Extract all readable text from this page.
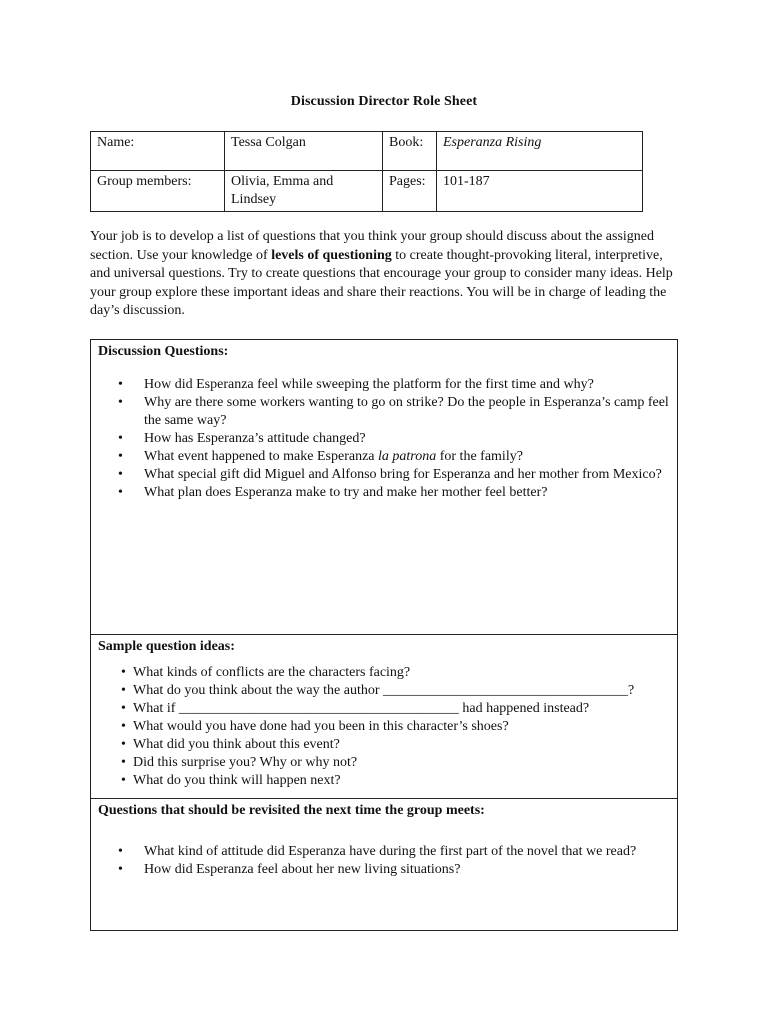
Discussion Director Role Sheet
Name:	Tessa Colgan	Book:	Esperanza Rising
Group members:	Olivia, Emma and Lindsey	Pages:	101-187
Your job is to develop a list of questions that you think your group should discuss about the assigned section. Use your knowledge of levels of questioning to create thought-provoking literal, interpretive, and universal questions. Try to create questions that encourage your group to consider many ideas. Help your group explore these important ideas and share their reactions. You will be in charge of leading the day’s discussion.
Discussion Questions:
• How did Esperanza feel while sweeping the platform for the first time and why?
• Why are there some workers wanting to go on strike? Do the people in Esperanza’s camp feel the same way?
• How has Esperanza’s attitude changed?
• What event happened to make Esperanza la patrona for the family?
• What special gift did Miguel and Alfonso bring for Esperanza and her mother from Mexico?
• What plan does Esperanza make to try and make her mother feel better?
Sample question ideas:
• What kinds of conflicts are the characters facing?
• What do you think about the way the author ___________________________________?
• What if ________________________________________ had happened instead?
• What would you have done had you been in this character’s shoes?
• What did you think about this event?
• Did this surprise you? Why or why not?
• What do you think will happen next?
Questions that should be revisited the next time the group meets:
• What kind of attitude did Esperanza have during the first part of the novel that we read?
• How did Esperanza feel about her new living situations?
